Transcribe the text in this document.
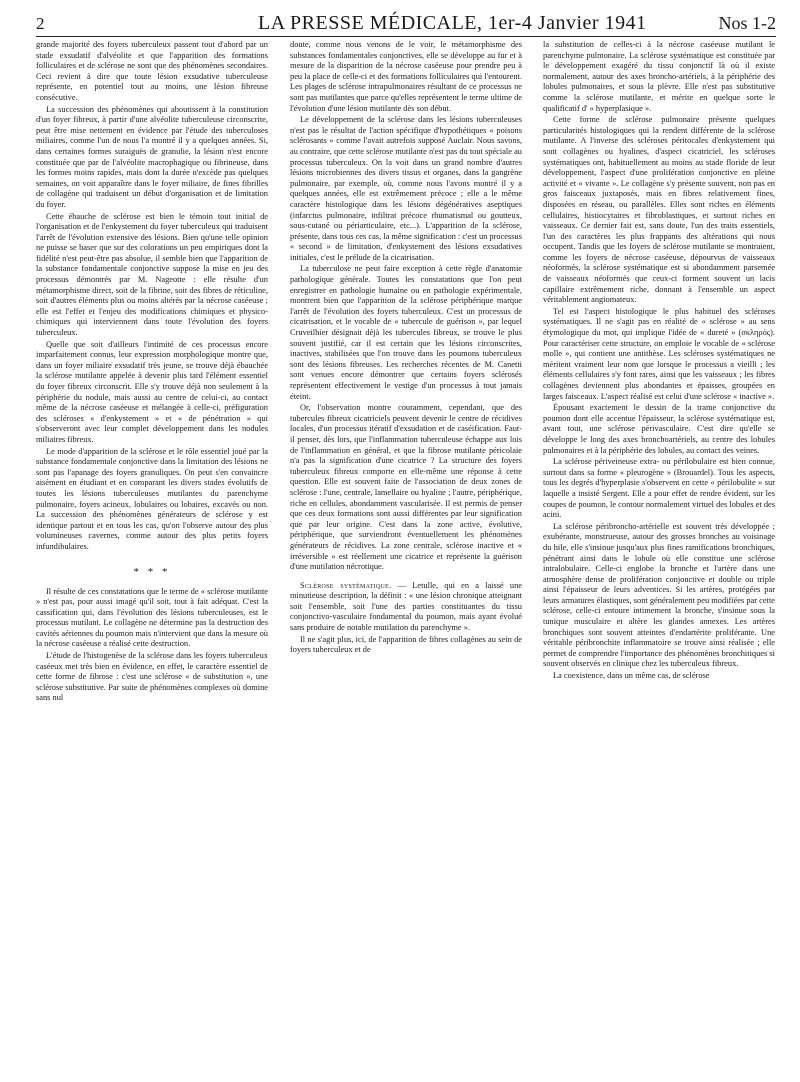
2	LA PRESSE MÉDICALE, 1er-4 Janvier 1941	Nos 1-2

grande majorité des foyers tuberculeux passent tout d'abord par un stade exsudatif d'alvéolite et que l'apparition des formations folliculaires et de sclérose ne sont que des phénomènes secondaires. Ceci revient à dire que toute lésion exsudative tuberculeuse représente, en potentiel tout au moins, une lésion fibreuse consécutive.

La succession des phénomènes qui aboutissent à la constitution d'un foyer fibreux, à partir d'une alvéolite tuberculeuse circonscrite, peut être mise nettement en évidence par l'étude des tuberculoses miliaires, comme l'un de nous l'a montré il y a quelques années. Si, dans certaines formes suraiguës de granulie, la lésion n'est encore constituée que par de l'alvéolite macrophagique ou fibrineuse, dans les formes moins rapides, mais dont la durée n'excède pas quelques semaines, on voit apparaître dans le foyer miliaire, de fines fibrilles de collagène qui traduisent un début d'organisation et de limitation du foyer.

Cette ébauche de sclérose est bien le témoin tout initial de l'organisation et de l'enkystement du foyer tuberculeux qui traduisent l'arrêt de l'évolution extensive des lésions. Bien qu'une telle opinion ne puisse se baser que sur des colorations un peu empiriques dont la fidélité n'est peut-être pas absolue, il semble bien que l'apparition de la substance fondamentale conjonctive suppose la mise en jeu des processus démontrés par M. Nageotte : elle résulte d'un métamorphisme direct, soit de la fibrine, soit des fibres de réticuline, soit d'autres éléments plus ou moins altérés par la nécrose caséeuse ; elle est l'effet et l'enjeu des modifications chimiques et physico-chimiques qui interviennent dans toute l'évolution des foyers tuberculeux.

Quelle que soit d'ailleurs l'intimité de ces processus encore imparfaitement connus, leur expression morphologique montre que, dans un foyer miliaire exsudatif très jeune, se trouve déjà ébauchée la sclérose mutilante appelée à devenir plus tard l'élément essentiel du foyer fibreux circonscrit. Elle s'y trouve déjà non seulement à la périphérie du nodule, mais aussi au centre de celui-ci, au contact même de la nécrose caséeuse et mélangée à celle-ci, préfiguration des scléroses « d'enkystement » et « de pénétration » qui s'observeront avec leur complet développement dans les nodules miliaires fibreux.

Le mode d'apparition de la sclérose et le rôle essentiel joué par la substance fondamentale conjonctive dans la limitation des lésions ne sont pas l'apanage des foyers granuliques. On peut s'en convaincre aisément en étudiant et en comparant les divers stades évolutifs de toutes les lésions tuberculeuses mutilantes du parenchyme pulmonaire, foyers acineux, lobulaires ou lobaires, excavés ou non. La succession des phénomènes générateurs de sclérose y est identique partout et en tous les cas, qu'on l'observe autour des plus volumineuses cavernes, comme autour des plus petits foyers infundibulaires.

* * *

Il résulte de ces constatations que le terme de « sclérose mutilante » n'est pas, pour aussi imagé qu'il soit, tout à fait adéquat. C'est la cassification qui, dans l'évolution des lésions tuberculeuses, est le processus mutilant. Le collagène ne détermine pas la destruction des cavités aériennes du poumon mais n'intervient que dans la mesure où la nécrose caséeuse a réalisé cette destruction.

L'étude de l'histogenèse de la sclérose dans les foyers tuberculeux caséeux met très bien en évidence, en effet, le caractère essentiel de cette forme de fibrose : c'est une sclérose « de substitution », une sclérose substitutive. Par suite de phénomènes complexes où domine sans nul

doute, comme nous venons de le voir, le métamorphisme des substances fondamentales conjonctives, elle se développe au fur et à mesure de la disparition de la nécrose caséeuse pour prendre peu à peu la place de celle-ci et des formations folliculaires qui l'entourent. Les plages de sclérose intrapulmonaires résultant de ce processus ne sont pas mutilantes que parce qu'elles représentent le terme ultime de l'évolution d'une lésion mutilante dès son début.

Le développement de la sclérose dans les lésions tuberculeuses n'est pas le résultat de l'action spécifique d'hypothétiques « poisons sclérosants » comme l'avait autrefois supposé Auclair. Nous savons, au contraire, que cette sclérose mutilante n'est pas du tout spéciale au processus tuberculeux. On la voit dans un grand nombre d'autres lésions microbiennes des divers tissus et organes, dans la gangrène pulmonaire, par exemple, où, comme nous l'avons montré il y a quelques années, elle est extrêmement précoce ; elle a le même caractère histologique dans les lésions dégénératives aseptiques (infarctus pulmonaire, infiltrat précoce rhumatismal ou goutteux, sous-cutané ou périarticulaire, etc...). L'apparition de la sclérose, présente, dans tous ces cas, la même signification : c'est un processus « second » de limitation, d'enkystement des lésions exsudatives initiales, c'est le prélude de la cicatrisation.

La tuberculose ne peut faire exception à cette règle d'anatomie pathologique générale. Toutes les constatations que l'on peut enregistrer en pathologie humaine ou en pathologie expérimentale, montrent bien que l'apparition de la sclérose périphérique marque l'arrêt de l'évolution des foyers tuberculeux. C'est un processus de cicatrisation, et le vocable de « tubercule de guérison », par lequel Cruveilhier désignait déjà les tubercules fibreux, se trouve le plus souvent justifié, car il est certain que les lésions circonscrites, inactives, stabilisées que l'on trouve dans les poumons tuberculeux sont des lésions fibreuses. Les recherches récentes de M. Canetti sont venues encore démontrer que certains foyers sclérosés représentent effectivement le vestige d'un processus à tout jamais éteint.

Or, l'observation montre couramment, cependant, que des tubercules fibreux cicatriciels peuvent devenir le centre de récidives locales, d'un processus itératif d'exsudation et de caséification. Faut-il penser, dès lors, que l'inflammation tuberculeuse échappe aux lois de l'inflammation en général, et que la fibrose mutilante péricolaie n'a pas la signification d'une cicatrice ? La structure des foyers tuberculeux fibreux comporte en elle-même une réponse à cette question. Elle est souvent faite de l'association de deux zones de sclérose : l'une, centrale, lamellaire ou hyaline ; l'autre, périphérique, riche en cellules, abondamment vascularisée. Il est permis de penser que ces deux formations sont aussi différentes par leur signification que par leur origine. C'est dans la zone active, évolutive, périphérique, que surviendront éventuellement les phénomènes générateurs de récidives. La zone centrale, sclérose inactive et « irréversible » est réellement une cicatrice et représente la guérison d'une mutilation nécrotique.

Sclérose systématique. — Letulle, qui en a laissé une minutieuse description, la définit : « une lésion chronique atteignant soit l'ensemble, soit l'une des parties constituantes du tissu conjonctivo-vasculaire fondamental du poumon, mais ayant évolué sans produire de notable mutilation du parenchyme ».

Il ne s'agit plus, ici, de l'apparition de fibres collagènes au sein de foyers tuberculeux et de

la substitution de celles-ci à la nécrose caséeuse mutilant le parenchyme pulmonaire. La sclérose systématique est constituée par le développement exagéré du tissu conjonctif là où il existe normalement, autour des axes broncho-artériels, à la périphérie des lobules pulmonaires, et sous la plèvre. Elle n'est pas substitutive comme la sclérose mutilante, et mérite en quelque sorte le qualificatif d' « hyperplasique ».

Cette forme de sclérose pulmonaire présente quelques particularités histologiques qui la rendent différente de la sclérose mutilante. A l'inverse des scléroses péritocales d'enkystement qui sont collagènes ou hyalines, d'aspect cicatriciel, les scléroses systématiques ont, habituellement au moins au stade floride de leur développement, l'aspect d'une prolifération conjonctive en pleine activité et « vivante ». Le collagène s'y présente souvent, non pas en gros faisceaux juxtaposés, mais en fibres relativement fines, disposées en réseau, ou parallèles. Elles sont riches en éléments cellulaires, histiocytaires et fibroblastiques, et surtout riches en vaisseaux. Ce dernier fait est, sans doute, l'un des traits essentiels, l'un des caractères les plus frappants des altérations qui nous occupent. Tandis que les foyers de sclérose mutilante se montraient, comme les foyers de nécrose caséeuse, dépourvus de vaisseaux néoformés, la sclérose systématique est si abondamment parsemée de vaisseaux néoformés que ceux-ci forment souvent un lacis capillaire extrêmement riche, donnant à l'ensemble un aspect véritablement angiomateux.

Tel est l'aspect histologique le plus habituel des scléroses systématiques. Il ne s'agit pas en réalité de « sclérose » au sens étymologique du mot, qui implique l'idée de « dureté » (σκληρός). Pour caractériser cette structure, on emploie le vocable de « sclérose molle », qui contient une antithèse. Les scléroses systématiques ne méritent vraiment leur nom que lorsque le processus a vieilli ; les éléments cellulaires s'y font rares, ainsi que les vaisseaux ; les fibres collagènes deviennent plus abondantes et épaisses, groupées en larges faisceaux. L'aspect réalisé est celui d'une sclérose « inactive ».

Épousant exactement le dessin de la trame conjonctive du poumon dont elle accentue l'épaisseur, la sclérose systématique est, avant tout, une sclérose périvasculaire. C'est dire qu'elle se développe le long des axes bronchoartériels, au centre des lobules pulmonaires et à la périphérie des lobules, au contact des veines.

La sclérose périveineuse extra- ou périlobulaire est bien connue, surtout dans sa forme « pleurogène » (Brouardel). Tous les aspects, tous les degrés d'hyperplasie s'observent en cette « périlobulite » sur laquelle a insisté Sergent. Elle a pour effet de rendre évident, sur les coupes de poumon, le contour normalement virtuel des lobules et des acini.

La sclérose péribroncho-artérielle est souvent très développée ; exubérante, monstrueuse, autour des grosses bronches au voisinage du hile, elle s'insinue jusqu'aux plus fines ramifications bronchiques, pénétrant ainsi dans le lobule où elle constitue une sclérose intralobulaire. Celle-ci englobe la bronche et l'artère dans une atmosphère dense de prolifération conjonctive et double ou triple ainsi l'épaisseur de leurs adventices. Si les artères, protégées par leurs armatures élastiques, sont généralement peu modifiées par cette sclérose, celle-ci entoure intimement la bronche, s'insinue sous la tunique musculaire et altère les glandes annexes. Les artères bronchiques sont souvent atteintes d'endartérite proliférante. Une véritable péribronchite inflammatoire se trouve ainsi réalisée ; elle permet de comprendre l'importance des phénomènes bronchitiques si souvent observés en clinique chez les tuberculeux fibreux.

La coexistence, dans un même cas, de sclérose
